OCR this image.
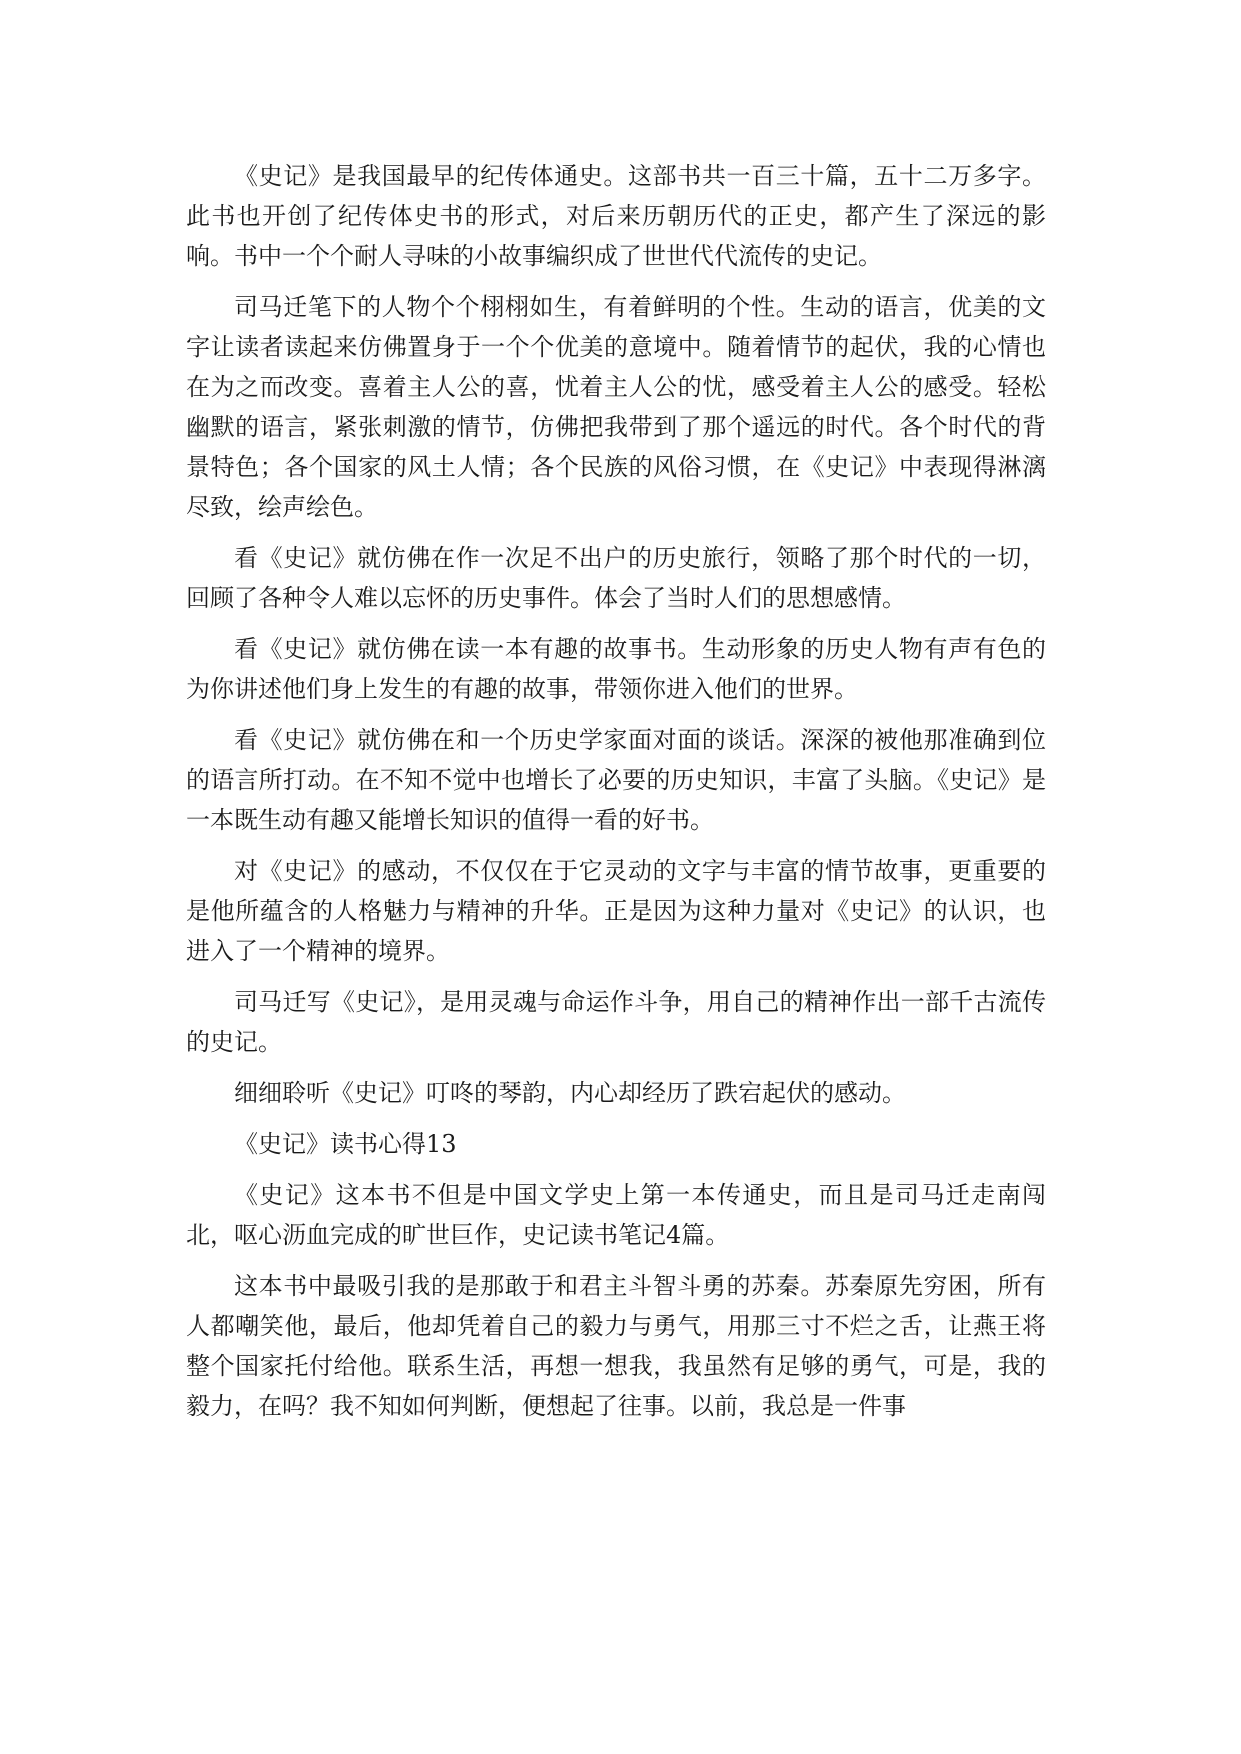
《史记》是我国最早的纪传体通史。这部书共一百三十篇，五十二万多字。此书也开创了纪传体史书的形式，对后来历朝历代的正史，都产生了深远的影响。书中一个个耐人寻味的小故事编织成了世世代代流传的史记。

司马迁笔下的人物个个栩栩如生，有着鲜明的个性。生动的语言，优美的文字让读者读起来仿佛置身于一个个优美的意境中。随着情节的起伏，我的心情也在为之而改变。喜着主人公的喜，忧着主人公的忧，感受着主人公的感受。轻松幽默的语言，紧张刺激的情节，仿佛把我带到了那个遥远的时代。各个时代的背景特色；各个国家的风土人情；各个民族的风俗习惯，在《史记》中表现得淋漓尽致，绘声绘色。

看《史记》就仿佛在作一次足不出户的历史旅行，领略了那个时代的一切，回顾了各种令人难以忘怀的历史事件。体会了当时人们的思想感情。

看《史记》就仿佛在读一本有趣的故事书。生动形象的历史人物有声有色的为你讲述他们身上发生的有趣的故事，带领你进入他们的世界。

看《史记》就仿佛在和一个历史学家面对面的谈话。深深的被他那准确到位的语言所打动。在不知不觉中也增长了必要的历史知识，丰富了头脑。《史记》是一本既生动有趣又能增长知识的值得一看的好书。

对《史记》的感动，不仅仅在于它灵动的文字与丰富的情节故事，更重要的是他所蕴含的人格魅力与精神的升华。正是因为这种力量对《史记》的认识，也进入了一个精神的境界。

司马迁写《史记》，是用灵魂与命运作斗争，用自己的精神作出一部千古流传的史记。

细细聆听《史记》叮咚的琴韵，内心却经历了跌宕起伏的感动。

《史记》读书心得13

《史记》这本书不但是中国文学史上第一本传通史，而且是司马迁走南闯北，呕心沥血完成的旷世巨作，史记读书笔记4篇。

这本书中最吸引我的是那敢于和君主斗智斗勇的苏秦。苏秦原先穷困，所有人都嘲笑他，最后，他却凭着自己的毅力与勇气，用那三寸不烂之舌，让燕王将整个国家托付给他。联系生活，再想一想我，我虽然有足够的勇气，可是，我的毅力，在吗？我不知如何判断，便想起了往事。以前，我总是一件事
